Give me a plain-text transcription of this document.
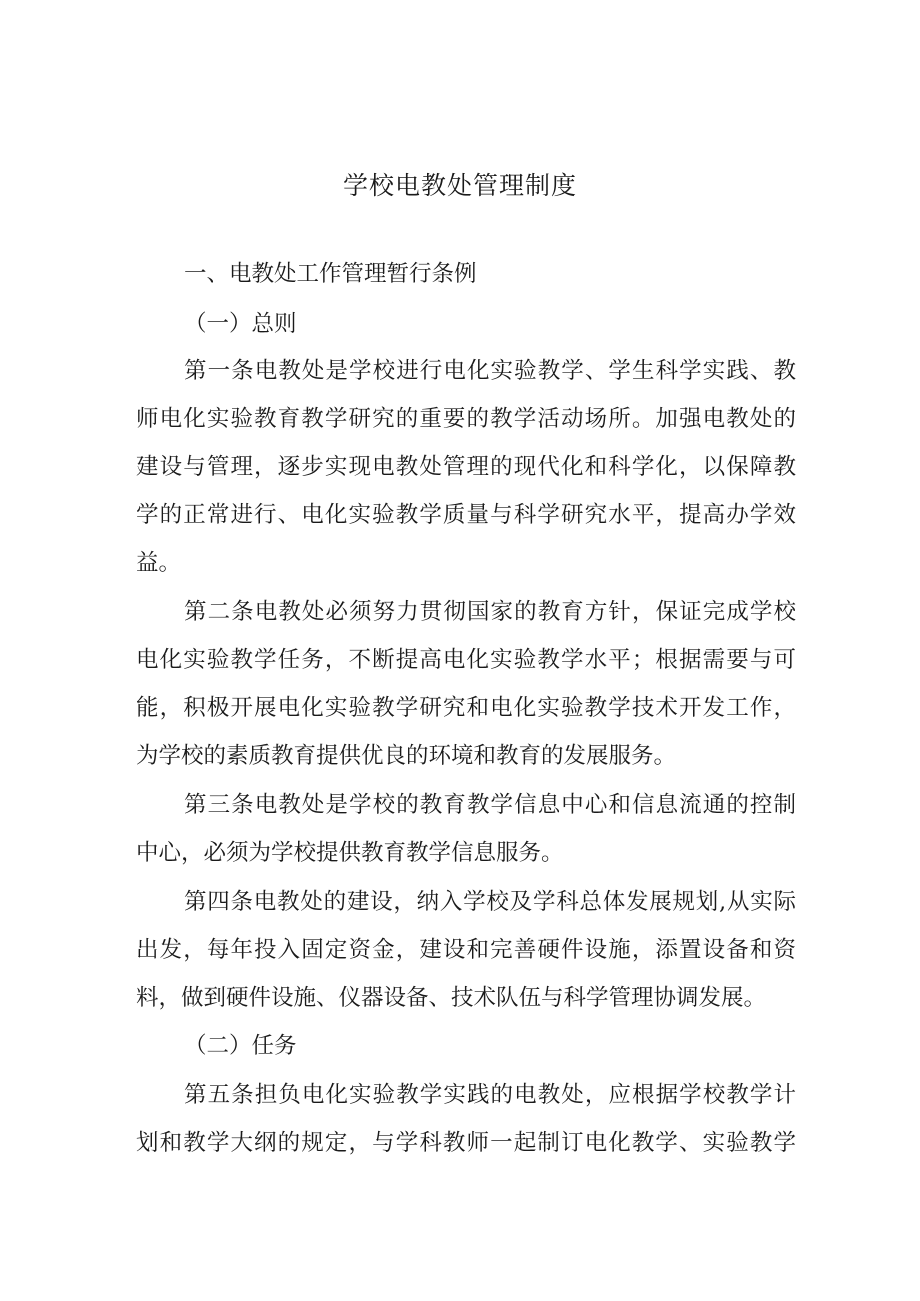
学校电教处管理制度

一、电教处工作管理暂行条例

（一）总则

第一条电教处是学校进行电化实验教学、学生科学实践、教

师电化实验教育教学研究的重要的教学活动场所。加强电教处的

建设与管理，逐步实现电教处管理的现代化和科学化，以保障教

学的正常进行、电化实验教学质量与科学研究水平，提高办学效

益。

第二条电教处必须努力贯彻国家的教育方针，保证完成学校

电化实验教学任务，不断提高电化实验教学水平；根据需要与可

能，积极开展电化实验教学研究和电化实验教学技术开发工作，

为学校的素质教育提供优良的环境和教育的发展服务。

第三条电教处是学校的教育教学信息中心和信息流通的控制

中心，必须为学校提供教育教学信息服务。

第四条电教处的建设，纳入学校及学科总体发展规划,从实际

出发，每年投入固定资金，建设和完善硬件设施，添置设备和资

料，做到硬件设施、仪器设备、技术队伍与科学管理协调发展。

（二）任务

第五条担负电化实验教学实践的电教处，应根据学校教学计

划和教学大纲的规定，与学科教师一起制订电化教学、实验教学
